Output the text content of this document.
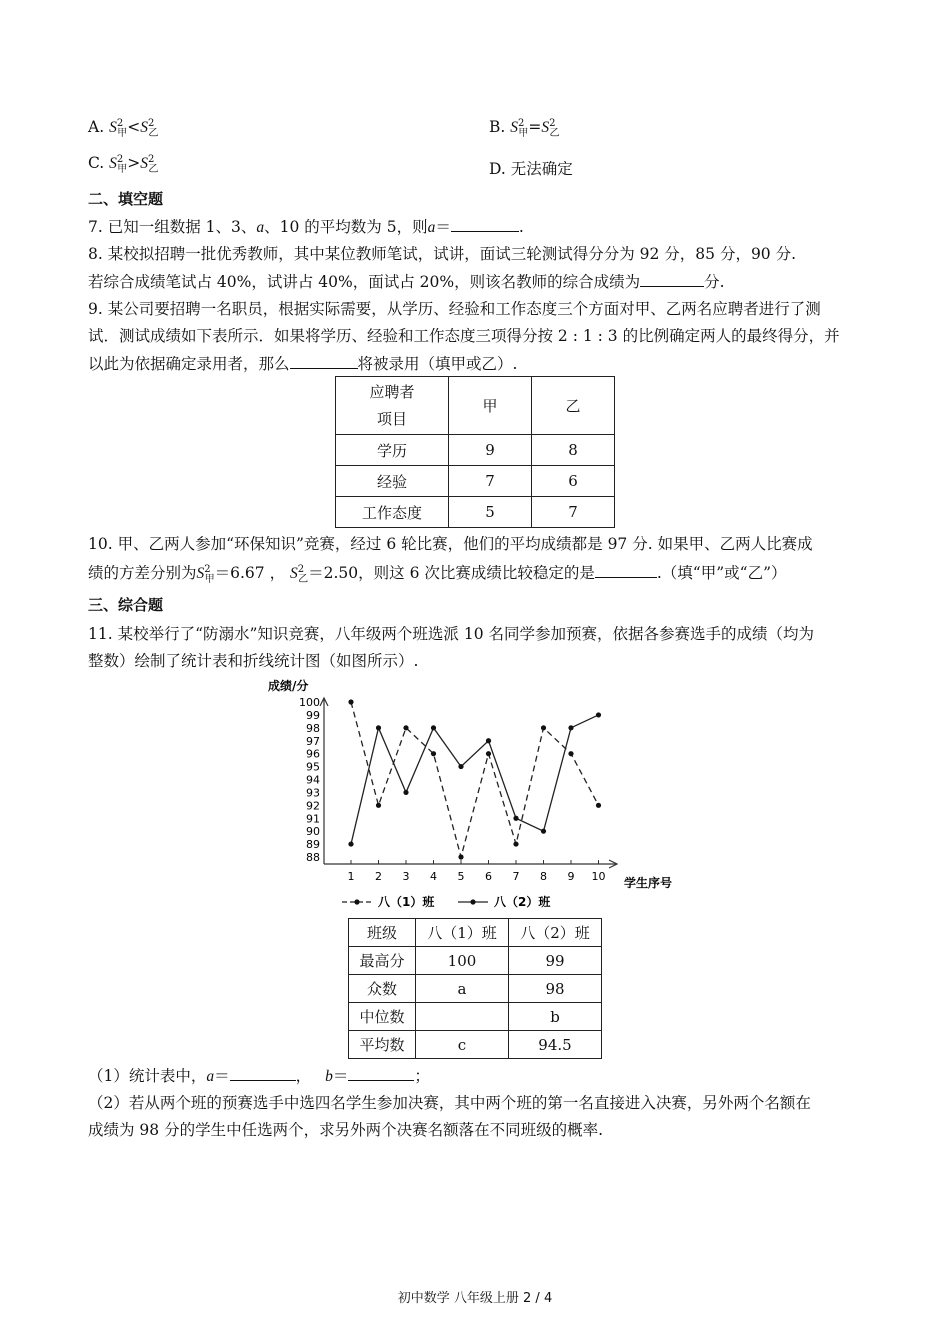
A. $S^2_甲<S^2_乙$	B. $S^2_甲=S^2_乙$
C. $S^2_甲>S^2_乙$	D. 无法确定
二、填空题
7. 已知一组数据 1、3、a、10 的平均数为 5，则a＝	.
8. 某校拟招聘一批优秀教师，其中某位教师笔试，试讲，面试三轮测试得分分为 92 分，85 分，90 分.
若综合成绩笔试占 40%，试讲占 40%，面试占 20%，则该名教师的综合成绩为	分.
9. 某公司要招聘一名职员，根据实际需要，从学历、经验和工作态度三个方面对甲、乙两名应聘者进行了测
试．测试成绩如下表所示．如果将学历、经验和工作态度三项得分按 2 : 1 : 3 的比例确定两人的最终得分，并
以此为依据确定录用者，那么	将被录用（填甲或乙）.
应聘者
项目	甲	乙
学历	9	8
经验	7	6
工作态度	5	7
10. 甲、乙两人参加“环保知识”竞赛，经过 6 轮比赛，他们的平均成绩都是 97 分. 如果甲、乙两人比赛成
绩的方差分别为$S^2_甲=6.67$ ， $S^2_乙=2.50$，则这 6 次比赛成绩比较稳定的是	.（填“甲”或“乙”）
三、综合题
11. 某校举行了“防溺水”知识竞赛，八年级两个班选派 10 名同学参加预赛，依据各参赛选手的成绩（均为
整数）绘制了统计表和折线统计图（如图所示）.
成绩/分
学生序号
88
89
90
91
92
93
94
95
96
97
98
99
100
1 2 3 4 5 6 7 8 9 10
八（1）班	八（2）班
班级	八（1）班	八（2）班
最高分	100	99
众数	a	98
中位数		b
平均数	c	94.5
（1）统计表中，a＝	， b＝	；
（2）若从两个班的预赛选手中选四名学生参加决赛，其中两个班的第一名直接进入决赛，另外两个名额在
成绩为 98 分的学生中任选两个，求另外两个决赛名额落在不同班级的概率.
初中数学 八年级上册 2 / 4
